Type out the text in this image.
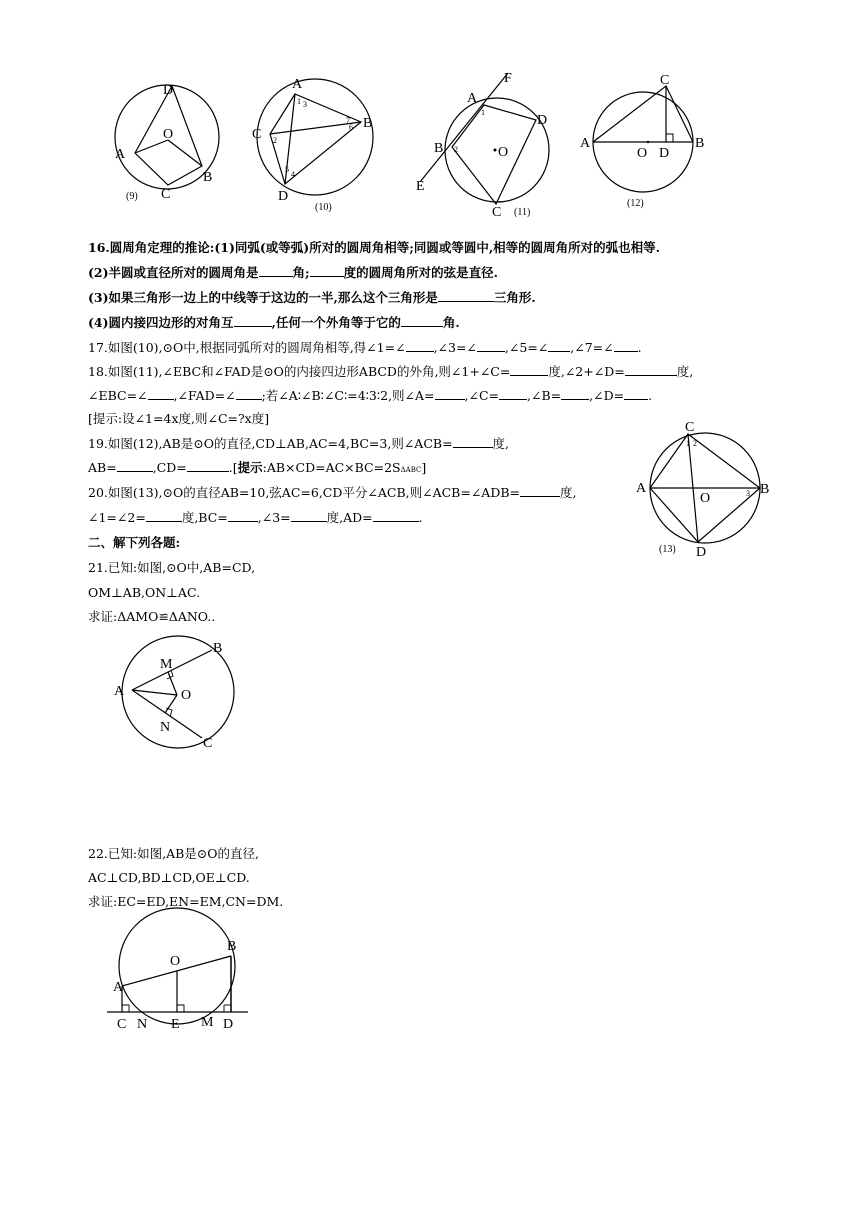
D
O
A
B
C
(9)
A
C
B
D
1 3
2
7
6
5
4
(10)
F
A
D
B	O
E
C
1
2
(11)
C
A
O D
B
(12)
16.圆周角定理的推论:(1)同弧(或等弧)所对的圆周角相等;同圆或等圆中,相等的圆周角所对的弧也相等.
(2)半圆或直径所对的圆周角是	角;	度的圆周角所对的弦是直径.
(3)如果三角形一边上的中线等于这边的一半,那么这个三角形是	三角形.
(4)圆内接四边形的对角互	,任何一个外角等于它的	角.
17.如图(10),⊙O中,根据同弧所对的圆周角相等,得∠1=∠ ,∠3=∠ ,∠5=∠ ,∠7=∠ .
18.如图(11),∠EBC和∠FAD是⊙O的内接四边形ABCD的外角,则∠1+∠C=	度,∠2+∠D=	度,
∠EBC=∠ ,∠FAD=∠ ;若∠A∶∠B∶∠C∶=4∶3∶2,则∠A= ,∠C= ,∠B= ,∠D= .
[提示:设∠1=4x度,则∠C=?x度]
19.如图(12),AB是⊙O的直径,CD⊥AB,AC=4,BC=3,则∠ACB=	度,
AB=	,CD=	.[提示:AB×CD=AC×BC=2SΔABC]
20.如图(13),⊙O的直径AB=10,弦AC=6,CD平分∠ACB,则∠ACB=∠ADB=	度,
∠1=∠2=	度,BC= ,∠3=	度,AD=	.
C
A
O
B
D
1 2
3
(13)
二、解下列各题:
21.已知:如图,⊙O中,AB=CD,
OM⊥AB,ON⊥AC.
求证:ΔAMO≌ΔANO..
B
M
A	O
N
C
22.已知:如图,AB是⊙O的直径,
AC⊥CD,BD⊥CD,OE⊥CD.
求证:EC=ED,EN=EM,CN=DM.
O
B
A
C N E M D
